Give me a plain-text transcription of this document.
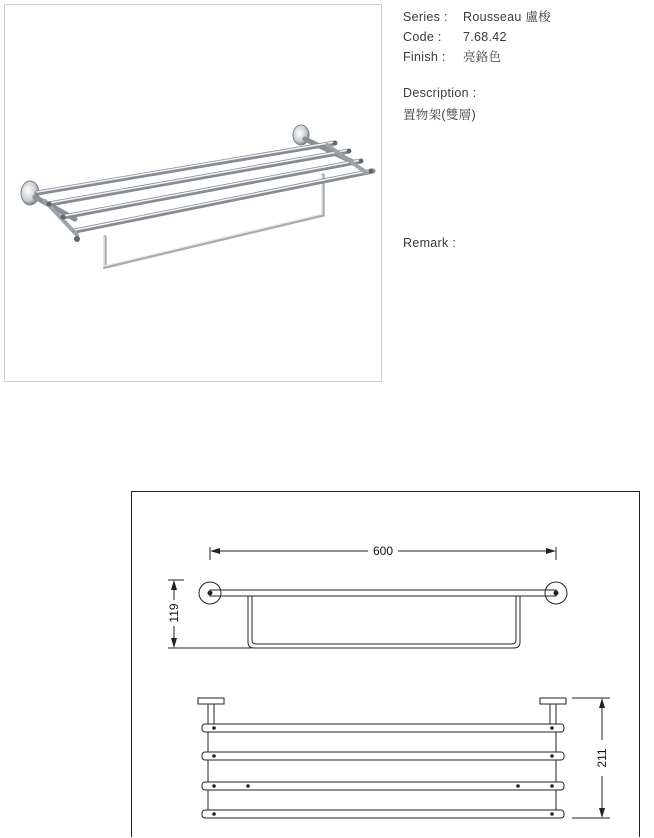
Series :	Rousseau 盧梭
Code :	7.68.42
Finish :	亮鉻色
Description :
置物架(雙層)
Remark :
600
119
211
